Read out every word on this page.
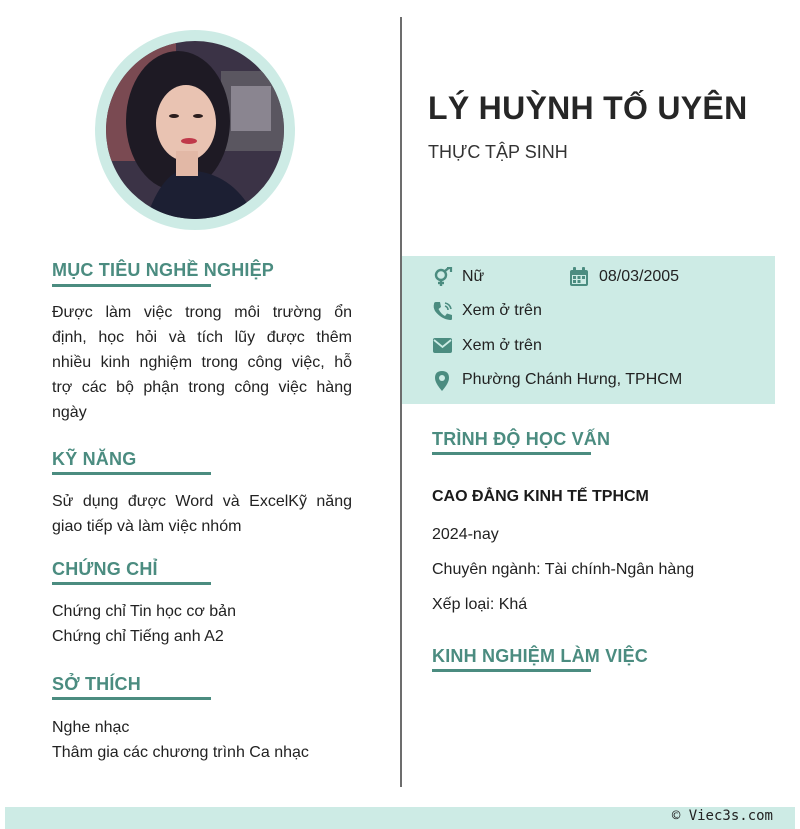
MỤC TIÊU NGHỀ NGHIỆP
Được làm việc trong môi trường ổn
định, học hỏi và tích lũy được thêm
nhiều kinh nghiệm trong công việc, hỗ
trợ các bộ phận trong công việc hàng
ngày
KỸ NĂNG
Sử dụng được Word và ExcelKỹ năng
giao tiếp và làm việc nhóm
CHỨNG CHỈ
Chứng chỉ Tin học cơ bản
Chứng chỉ Tiếng anh A2
SỞ THÍCH
Nghe nhạc
Thâm gia các chương trình Ca nhạc
LÝ HUỲNH TỐ UYÊN
THỰC TẬP SINH
Nữ	08/03/2005
Xem ở trên
Xem ở trên
Phường Chánh Hưng, TPHCM
TRÌNH ĐỘ HỌC VẤN
CAO ĐẲNG KINH TẾ TPHCM
2024-nay
Chuyên ngành: Tài chính-Ngân hàng
Xếp loại: Khá
KINH NGHIỆM LÀM VIỆC
© Viec3s.com
